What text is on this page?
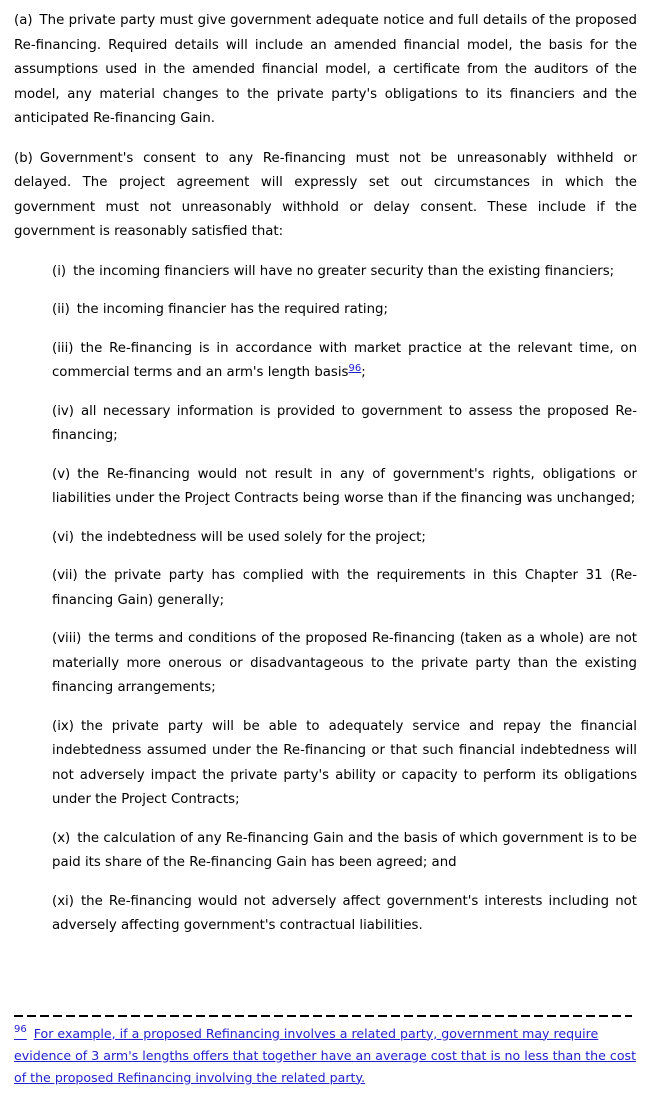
(a) The private party must give government adequate notice and full details of the proposed Re-financing. Required details will include an amended financial model, the basis for the assumptions used in the amended financial model, a certificate from the auditors of the model, any material changes to the private party's obligations to its financiers and the anticipated Re-financing Gain.

(b) Government's consent to any Re-financing must not be unreasonably withheld or delayed. The project agreement will expressly set out circumstances in which the government must not unreasonably withhold or delay consent. These include if the government is reasonably satisfied that:

(i) the incoming financiers will have no greater security than the existing financiers;

(ii) the incoming financier has the required rating;

(iii) the Re-financing is in accordance with market practice at the relevant time, on commercial terms and an arm's length basis$^{96}$;

(iv) all necessary information is provided to government to assess the proposed Re-financing;

(v) the Re-financing would not result in any of government's rights, obligations or liabilities under the Project Contracts being worse than if the financing was unchanged;

(vi) the indebtedness will be used solely for the project;

(vii) the private party has complied with the requirements in this Chapter 31 (Re-financing Gain) generally;

(viii) the terms and conditions of the proposed Re-financing (taken as a whole) are not materially more onerous or disadvantageous to the private party than the existing financing arrangements;

(ix) the private party will be able to adequately service and repay the financial indebtedness assumed under the Re-financing or that such financial indebtedness will not adversely impact the private party's ability or capacity to perform its obligations under the Project Contracts;

(x) the calculation of any Re-financing Gain and the basis of which government is to be paid its share of the Re-financing Gain has been agreed; and

(xi) the Re-financing would not adversely affect government's interests including not adversely affecting government's contractual liabilities.

$^{96}$ For example, if a proposed Refinancing involves a related party, government may require evidence of 3 arm's lengths offers that together have an average cost that is no less than the cost of the proposed Refinancing involving the related party.
